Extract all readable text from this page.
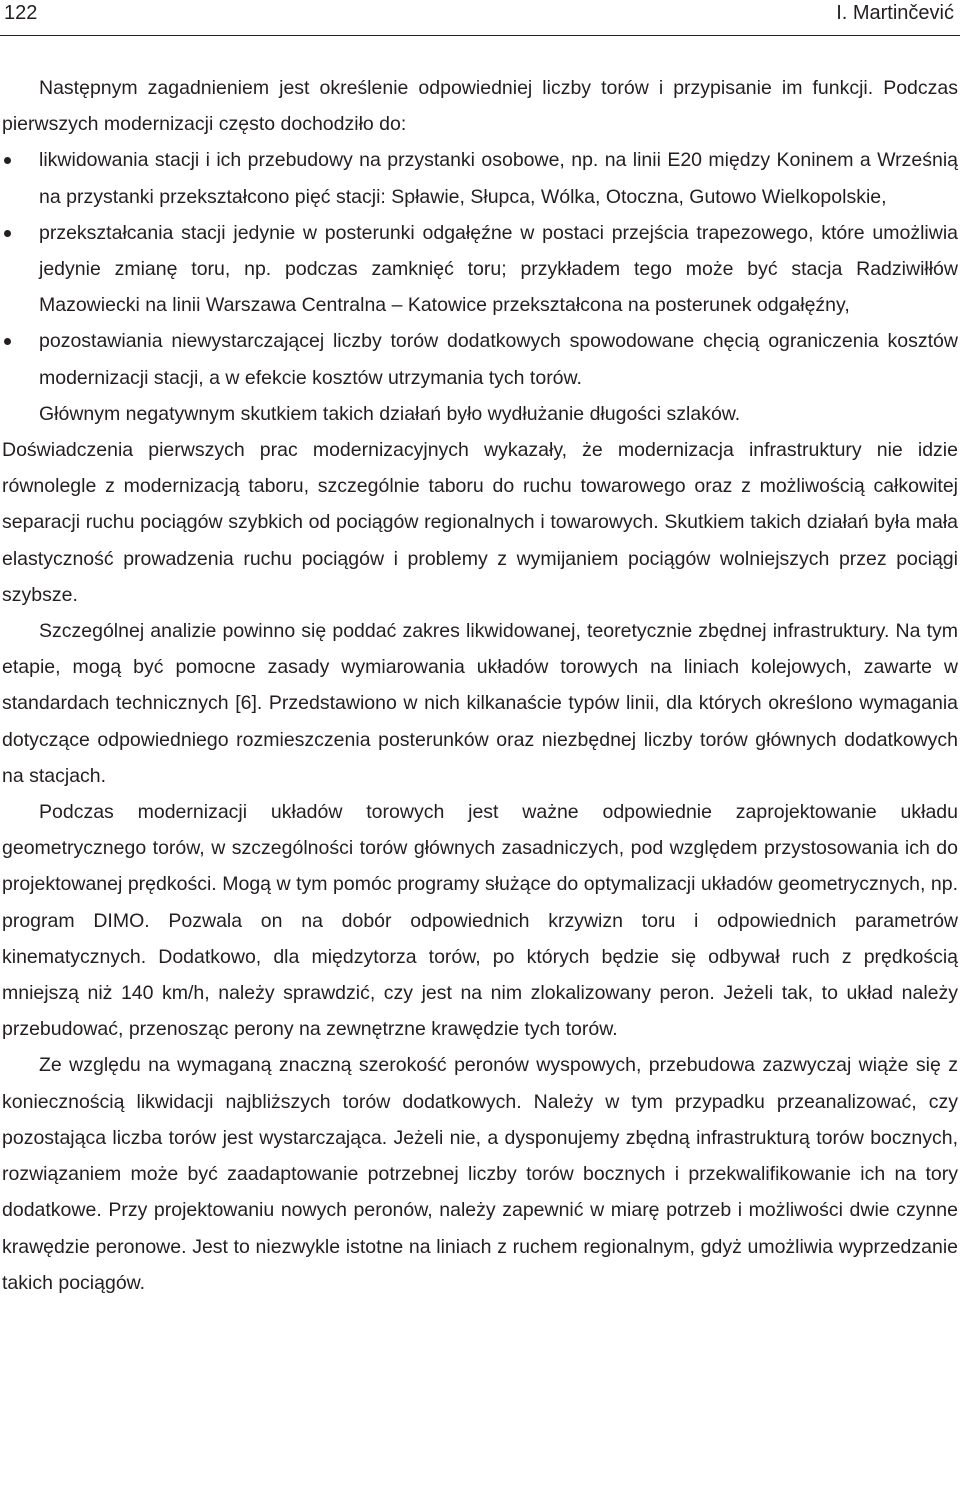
122	I. Martinčević

Następnym zagadnieniem jest określenie odpowiedniej liczby torów i przypisanie im funkcji. Podczas pierwszych modernizacji często dochodziło do:

likwidowania stacji i ich przebudowy na przystanki osobowe, np. na linii E20 między Koninem a Wrześnią na przystanki przekształcono pięć stacji: Spławie, Słupca, Wólka, Otoczna, Gutowo Wielkopolskie,
przekształcania stacji jedynie w posterunki odgałęźne w postaci przejścia trapezowego, które umożliwia jedynie zmianę toru, np. podczas zamknięć toru; przykładem tego może być stacja Radziwiłłów Mazowiecki na linii Warszawa Centralna – Katowice przekształcona na posterunek odgałęźny,
pozostawiania niewystarczającej liczby torów dodatkowych spowodowane chęcią ograniczenia kosztów modernizacji stacji, a w efekcie kosztów utrzymania tych torów.

Głównym negatywnym skutkiem takich działań było wydłużanie długości szlaków.

Doświadczenia pierwszych prac modernizacyjnych wykazały, że modernizacja infrastruktury nie idzie równolegle z modernizacją taboru, szczególnie taboru do ruchu towarowego oraz z możliwością całkowitej separacji ruchu pociągów szybkich od pociągów regionalnych i towarowych. Skutkiem takich działań była mała elastyczność prowadzenia ruchu pociągów i problemy z wymijaniem pociągów wolniejszych przez pociągi szybsze.

Szczególnej analizie powinno się poddać zakres likwidowanej, teoretycznie zbędnej infrastruktury. Na tym etapie, mogą być pomocne zasady wymiarowania układów torowych na liniach kolejowych, zawarte w standardach technicznych [6]. Przedstawiono w nich kilkanaście typów linii, dla których określono wymagania dotyczące odpowiedniego rozmieszczenia posterunków oraz niezbędnej liczby torów głównych dodatkowych na stacjach.

Podczas modernizacji układów torowych jest ważne odpowiednie zaprojektowanie układu geometrycznego torów, w szczególności torów głównych zasadniczych, pod względem przystosowania ich do projektowanej prędkości. Mogą w tym pomóc programy służące do optymalizacji układów geometrycznych, np. program DIMO. Pozwala on na dobór odpowiednich krzywizn toru i odpowiednich parametrów kinematycznych. Dodatkowo, dla międzytorza torów, po których będzie się odbywał ruch z prędkością mniejszą niż 140 km/h, należy sprawdzić, czy jest na nim zlokalizowany peron. Jeżeli tak, to układ należy przebudować, przenosząc perony na zewnętrzne krawędzie tych torów.

Ze względu na wymaganą znaczną szerokość peronów wyspowych, przebudowa zazwyczaj wiąże się z koniecznością likwidacji najbliższych torów dodatkowych. Należy w tym przypadku przeanalizować, czy pozostająca liczba torów jest wystarczająca. Jeżeli nie, a dysponujemy zbędną infrastrukturą torów bocznych, rozwiązaniem może być zaadaptowanie potrzebnej liczby torów bocznych i przekwalifikowanie ich na tory dodatkowe. Przy projektowaniu nowych peronów, należy zapewnić w miarę potrzeb i możliwości dwie czynne krawędzie peronowe. Jest to niezwykle istotne na liniach z ruchem regionalnym, gdyż umożliwia wyprzedzanie takich pociągów.
